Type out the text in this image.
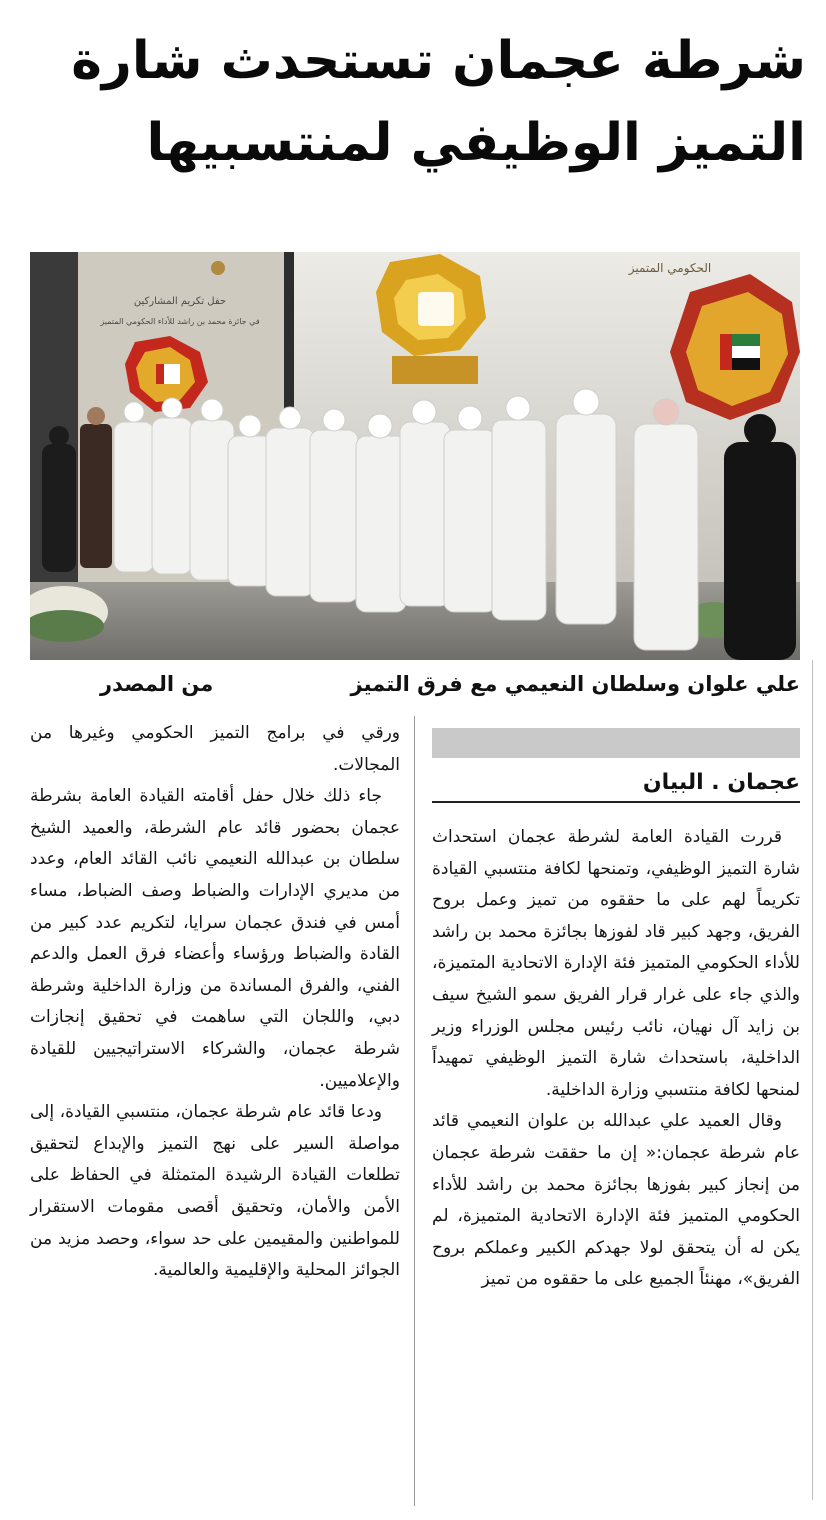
شرطة عجمان تستحدث شارة التميز الوظيفي لمنتسبيها
حفل تكريم المشاركين
في جائزة محمد بن راشد للأداء الحكومي المتميز
الحكومي المتميز
علي علوان وسلطان النعيمي مع فرق التميز
من المصدر
عجمان . البيان

قررت القيادة العامة لشرطة عجمان استحداث شارة التميز الوظيفي، وتمنحها لكافة منتسبي القيادة تكريماً لهم على ما حققوه من تميز وعمل بروح الفريق، وجهد كبير قاد لفوزها بجائزة محمد بن راشد للأداء الحكومي المتميز فئة الإدارة الاتحادية المتميزة، والذي جاء على غرار قرار الفريق سمو الشيخ سيف بن زايد آل نهيان، نائب رئيس مجلس الوزراء وزير الداخلية، باستحداث شارة التميز الوظيفي تمهيداً لمنحها لكافة منتسبي وزارة الداخلية.

وقال العميد علي عبدالله بن علوان النعيمي قائد عام شرطة عجمان:« إن ما حققت شرطة عجمان من إنجاز كبير بفوزها بجائزة محمد بن راشد للأداء الحكومي المتميز فئة الإدارة الاتحادية المتميزة، لم يكن له أن يتحقق لولا جهدكم الكبير وعملكم بروح الفريق»، مهنئاً الجميع على ما حققوه من تميز

ورقي في برامج التميز الحكومي وغيرها من المجالات.

جاء ذلك خلال حفل أقامته القيادة العامة بشرطة عجمان بحضور قائد عام الشرطة، والعميد الشيخ سلطان بن عبدالله النعيمي نائب القائد العام، وعدد من مديري الإدارات والضباط وصف الضباط، مساء أمس في فندق عجمان سرايا، لتكريم عدد كبير من القادة والضباط ورؤساء وأعضاء فرق العمل والدعم الفني، والفرق المساندة من وزارة الداخلية وشرطة دبي، واللجان التي ساهمت في تحقيق إنجازات شرطة عجمان، والشركاء الاستراتيجيين للقيادة والإعلاميين.

ودعا قائد عام شرطة عجمان، منتسبي القيادة، إلى مواصلة السير على نهج التميز والإبداع لتحقيق تطلعات القيادة الرشيدة المتمثلة في الحفاظ على الأمن والأمان، وتحقيق أقصى مقومات الاستقرار للمواطنين والمقيمين على حد سواء، وحصد مزيد من الجوائز المحلية والإقليمية والعالمية.
